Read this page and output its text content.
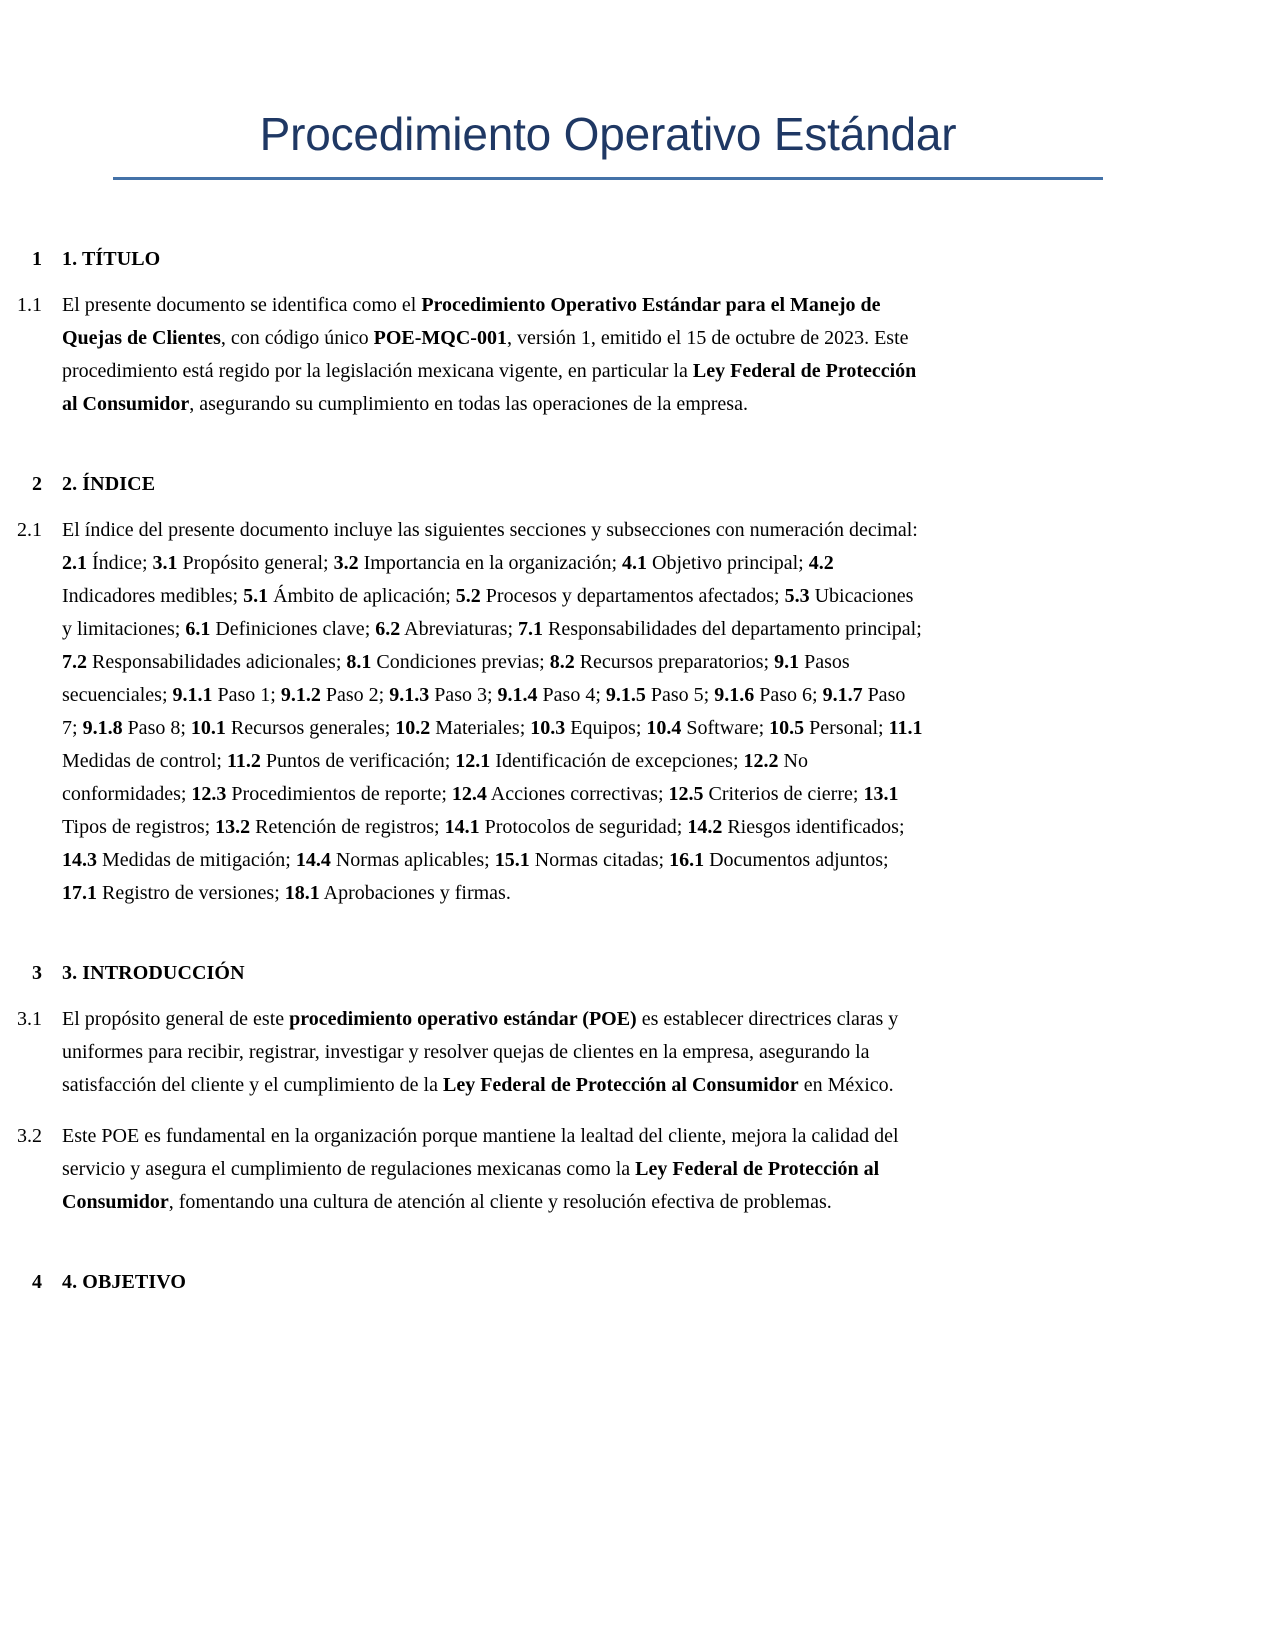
Procedimiento Operativo Estándar
1	1. TÍTULO
1.1	El presente documento se identifica como el Procedimiento Operativo Estándar para el Manejo de Quejas de Clientes, con código único POE-MQC-001, versión 1, emitido el 15 de octubre de 2023. Este procedimiento está regido por la legislación mexicana vigente, en particular la Ley Federal de Protección al Consumidor, asegurando su cumplimiento en todas las operaciones de la empresa.
2	2. ÍNDICE
2.1	El índice del presente documento incluye las siguientes secciones y subsecciones con numeración decimal: 2.1 Índice; 3.1 Propósito general; 3.2 Importancia en la organización; 4.1 Objetivo principal; 4.2 Indicadores medibles; 5.1 Ámbito de aplicación; 5.2 Procesos y departamentos afectados; 5.3 Ubicaciones y limitaciones; 6.1 Definiciones clave; 6.2 Abreviaturas; 7.1 Responsabilidades del departamento principal; 7.2 Responsabilidades adicionales; 8.1 Condiciones previas; 8.2 Recursos preparatorios; 9.1 Pasos secuenciales; 9.1.1 Paso 1; 9.1.2 Paso 2; 9.1.3 Paso 3; 9.1.4 Paso 4; 9.1.5 Paso 5; 9.1.6 Paso 6; 9.1.7 Paso 7; 9.1.8 Paso 8; 10.1 Recursos generales; 10.2 Materiales; 10.3 Equipos; 10.4 Software; 10.5 Personal; 11.1 Medidas de control; 11.2 Puntos de verificación; 12.1 Identificación de excepciones; 12.2 No conformidades; 12.3 Procedimientos de reporte; 12.4 Acciones correctivas; 12.5 Criterios de cierre; 13.1 Tipos de registros; 13.2 Retención de registros; 14.1 Protocolos de seguridad; 14.2 Riesgos identificados; 14.3 Medidas de mitigación; 14.4 Normas aplicables; 15.1 Normas citadas; 16.1 Documentos adjuntos; 17.1 Registro de versiones; 18.1 Aprobaciones y firmas.
3	3. INTRODUCCIÓN
3.1	El propósito general de este procedimiento operativo estándar (POE) es establecer directrices claras y uniformes para recibir, registrar, investigar y resolver quejas de clientes en la empresa, asegurando la satisfacción del cliente y el cumplimiento de la Ley Federal de Protección al Consumidor en México.
3.2	Este POE es fundamental en la organización porque mantiene la lealtad del cliente, mejora la calidad del servicio y asegura el cumplimiento de regulaciones mexicanas como la Ley Federal de Protección al Consumidor, fomentando una cultura de atención al cliente y resolución efectiva de problemas.
4	4. OBJETIVO
